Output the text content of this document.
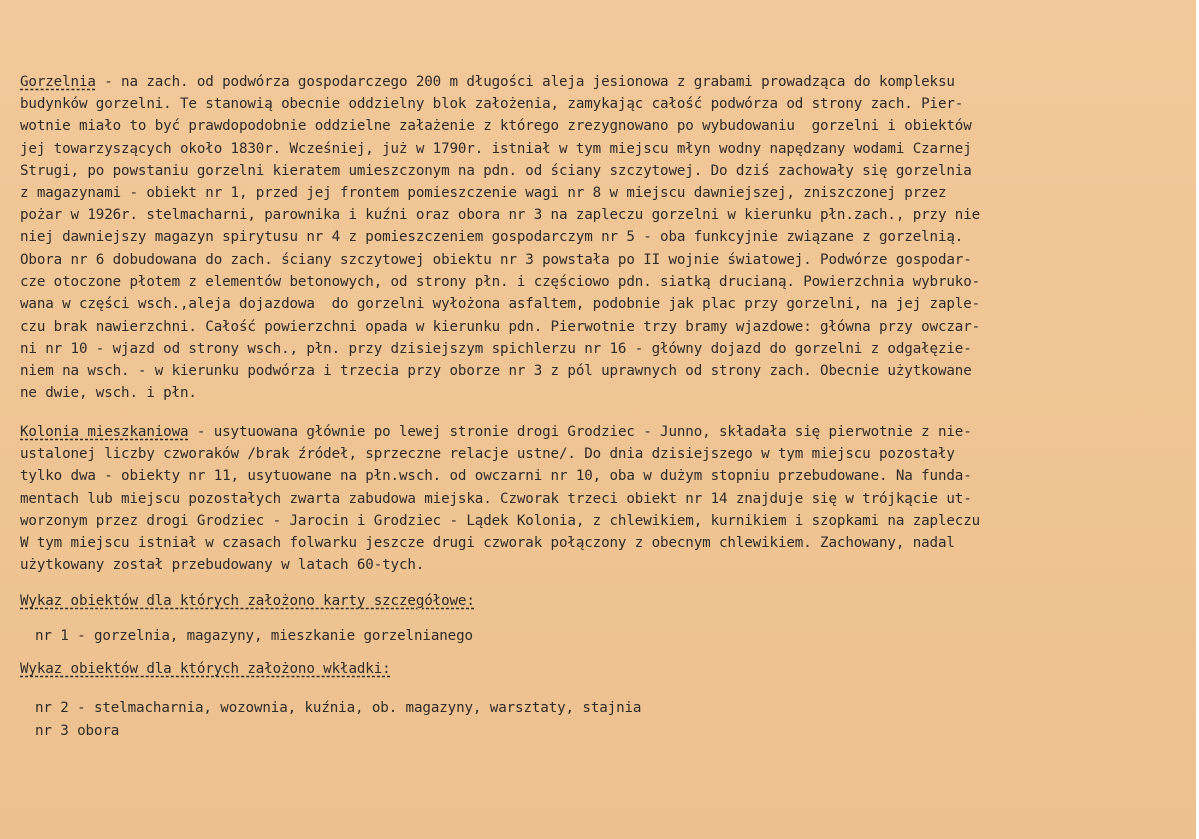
Gorzelnia - na zach. od podwórza gospodarczego 200 m długości aleja jesionowa z grabami prowadząca do kompleksu
budynków gorzelni. Te stanowią obecnie oddzielny blok założenia, zamykając całość podwórza od strony zach. Pier-
wotnie miało to być prawdopodobnie oddzielne załażenie z którego zrezygnowano po wybudowaniu  gorzelni i obiektów
jej towarzyszących około 1830r. Wcześniej, już w 1790r. istniał w tym miejscu młyn wodny napędzany wodami Czarnej
Strugi, po powstaniu gorzelni kieratem umieszczonym na pdn. od ściany szczytowej. Do dziś zachowały się gorzelnia
z magazynami - obiekt nr 1, przed jej frontem pomieszczenie wagi nr 8 w miejscu dawniejszej, zniszczonej przez
pożar w 1926r. stelmacharni, parownika i kuźni oraz obora nr 3 na zapleczu gorzelni w kierunku płn.zach., przy nie
niej dawniejszy magazyn spirytusu nr 4 z pomieszczeniem gospodarczym nr 5 - oba funkcyjnie związane z gorzelnią.
Obora nr 6 dobudowana do zach. ściany szczytowej obiektu nr 3 powstała po II wojnie światowej. Podwórze gospodar-
cze otoczone płotem z elementów betonowych, od strony płn. i częściowo pdn. siatką drucianą. Powierzchnia wybruko-
wana w części wsch.,aleja dojazdowa  do gorzelni wyłożona asfaltem, podobnie jak plac przy gorzelni, na jej zaple-
czu brak nawierzchni. Całość powierzchni opada w kierunku pdn. Pierwotnie trzy bramy wjazdowe: główna przy owczar-
ni nr 10 - wjazd od strony wsch., płn. przy dzisiejszym spichlerzu nr 16 - główny dojazd do gorzelni z odgałęzie-
niem na wsch. - w kierunku podwórza i trzecia przy oborze nr 3 z pól uprawnych od strony zach. Obecnie użytkowane
ne dwie, wsch. i płn.
Kolonia mieszkaniowa - usytuowana głównie po lewej stronie drogi Grodziec - Junno, składała się pierwotnie z nie-
ustalonej liczby czworaków /brak źródeł, sprzeczne relacje ustne/. Do dnia dzisiejszego w tym miejscu pozostały
tylko dwa - obiekty nr 11, usytuowane na płn.wsch. od owczarni nr 10, oba w dużym stopniu przebudowane. Na funda-
mentach lub miejscu pozostałych zwarta zabudowa miejska. Czworak trzeci obiekt nr 14 znajduje się w trójkącie ut-
worzonym przez drogi Grodziec - Jarocin i Grodziec - Lądek Kolonia, z chlewikiem, kurnikiem i szopkami na zapleczu
W tym miejscu istniał w czasach folwarku jeszcze drugi czworak połączony z obecnym chlewikiem. Zachowany, nadal
użytkowany został przebudowany w latach 60-tych.
Wykaz obiektów dla których założono karty szczegółowe:
nr 1 - gorzelnia, magazyny, mieszkanie gorzelnianego
Wykaz obiektów dla których założono wkładki:
nr 2 - stelmacharnia, wozownia, kuźnia, ob. magazyny, warsztaty, stajnia
nr 3 obora
